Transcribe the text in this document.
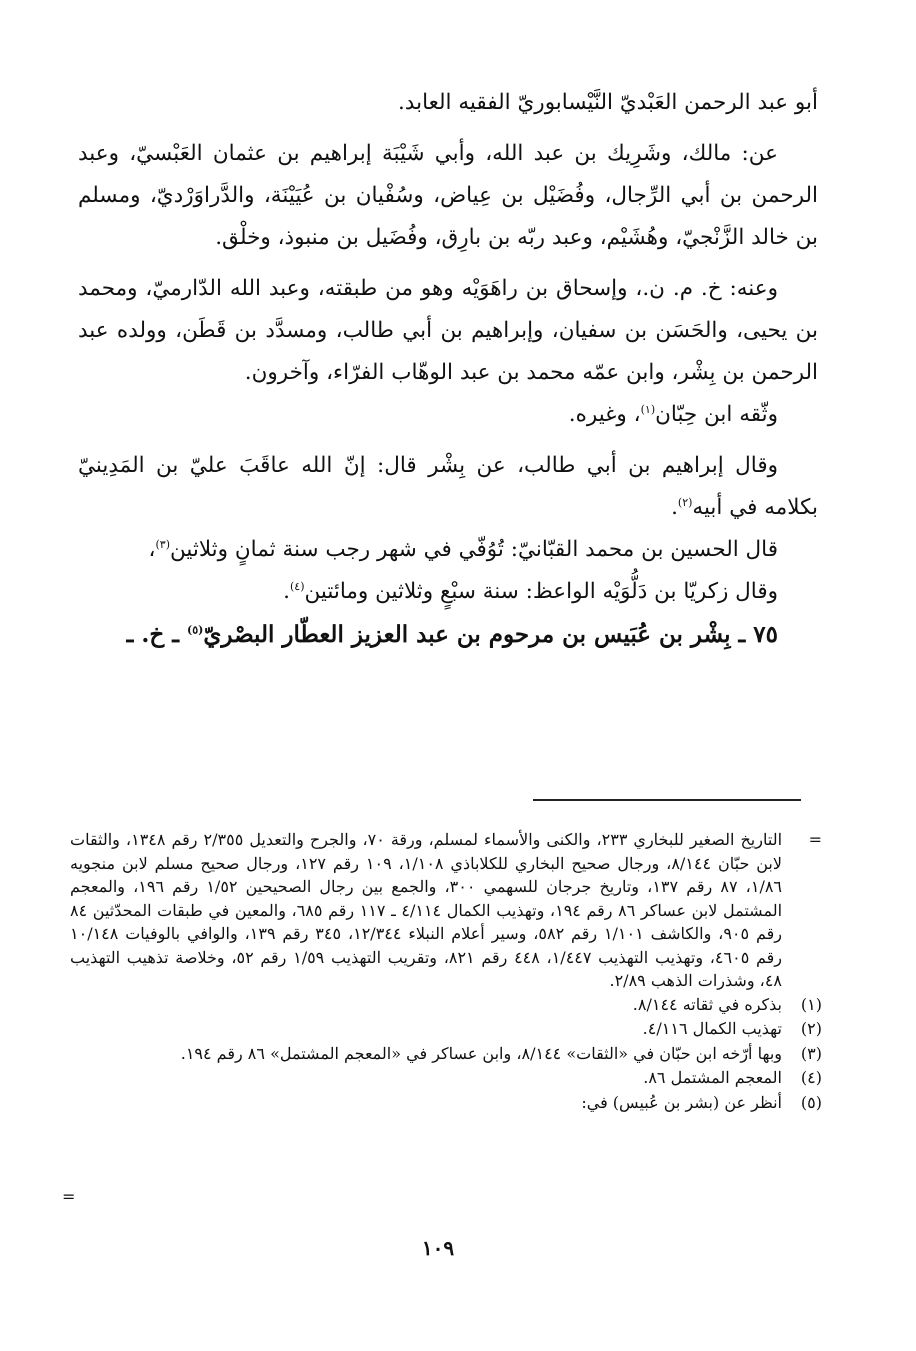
أبو عبد الرحمن العَبْديّ النَّيْسابوريّ الفقيه العابد.

عن: مالك، وشَرِيك بن عبد الله، وأبي شَيْبَة إبراهيم بن عثمان العَبْسيّ، وعبد الرحمن بن أبي الرِّجال، وفُضَيْل بن عِياض، وسُفْيان بن عُيَيْنَة، والدَّراوَرْديّ، ومسلم بن خالد الزَّنْجيّ، وهُشَيْم، وعبد ربّه بن بارِق، وفُضَيل بن منبوذ، وخلْق.

وعنه: خ. م. ن.، وإسحاق بن راهَوَيْه وهو من طبقته، وعبد الله الدّارميّ، ومحمد بن يحيى، والحَسَن بن سفيان، وإبراهيم بن أبي طالب، ومسدَّد بن قَطَن، وولده عبد الرحمن بن بِشْر، وابن عمّه محمد بن عبد الوهّاب الفرّاء، وآخرون.

وثّقه ابن حِبّان$^{(١)}$، وغيره.

وقال إبراهيم بن أبي طالب، عن بِشْر قال: إنّ الله عاقَبَ عليّ بن المَدِينيّ بكلامه في أبيه$^{(٢)}$.

قال الحسين بن محمد القبّانيّ: تُوُفّي في شهر رجب سنة ثمانٍ وثلاثين$^{(٣)}$،

وقال زكريّا بن دَلُّوَيْه الواعظ: سنة سبْعٍ وثلاثين ومائتين$^{(٤)}$.

٧٥ ـ بِشْر بن عُبَيس بن مرحوم بن عبد العزيز العطّار البصْريّ$^{(٥)}$ ـ خ. ـ

=
التاريخ الصغير للبخاري ٢٣٣، والكنى والأسماء لمسلم، ورقة ٧٠، والجرح والتعديل ٢/٣٥٥ رقم ١٣٤٨، والثقات لابن حبّان ٨/١٤٤، ورجال صحيح البخاري للكلاباذي ١/١٠٨، ١٠٩ رقم ١٢٧، ورجال صحيح مسلم لابن منجويه ١/٨٦، ٨٧ رقم ١٣٧، وتاريخ جرجان للسهمي ٣٠٠، والجمع بين رجال الصحيحين ١/٥٢ رقم ١٩٦، والمعجم المشتمل لابن عساكر ٨٦ رقم ١٩٤، وتهذيب الكمال ٤/١١٤ ـ ١١٧ رقم ٦٨٥، والمعين في طبقات المحدّثين ٨٤ رقم ٩٠٥، والكاشف ١/١٠١ رقم ٥٨٢، وسير أعلام النبلاء ١٢/٣٤٤، ٣٤٥ رقم ١٣٩، والوافي بالوفيات ١٠/١٤٨ رقم ٤٦٠٥، وتهذيب التهذيب ١/٤٤٧، ٤٤٨ رقم ٨٢١، وتقريب التهذيب ١/٥٩ رقم ٥٢، وخلاصة تذهيب التهذيب ٤٨، وشذرات الذهب ٢/٨٩.

(١)
بذكره في ثقاته ٨/١٤٤.

(٢)
تهذيب الكمال ٤/١١٦.

(٣)
وبها أرّخه ابن حبّان في «الثقات» ٨/١٤٤، وابن عساكر في «المعجم المشتمل» ٨٦ رقم ١٩٤.

(٤)
المعجم المشتمل ٨٦.

(٥)
أنظر عن (بشر بن عُبيس) في:

=
١٠٩
